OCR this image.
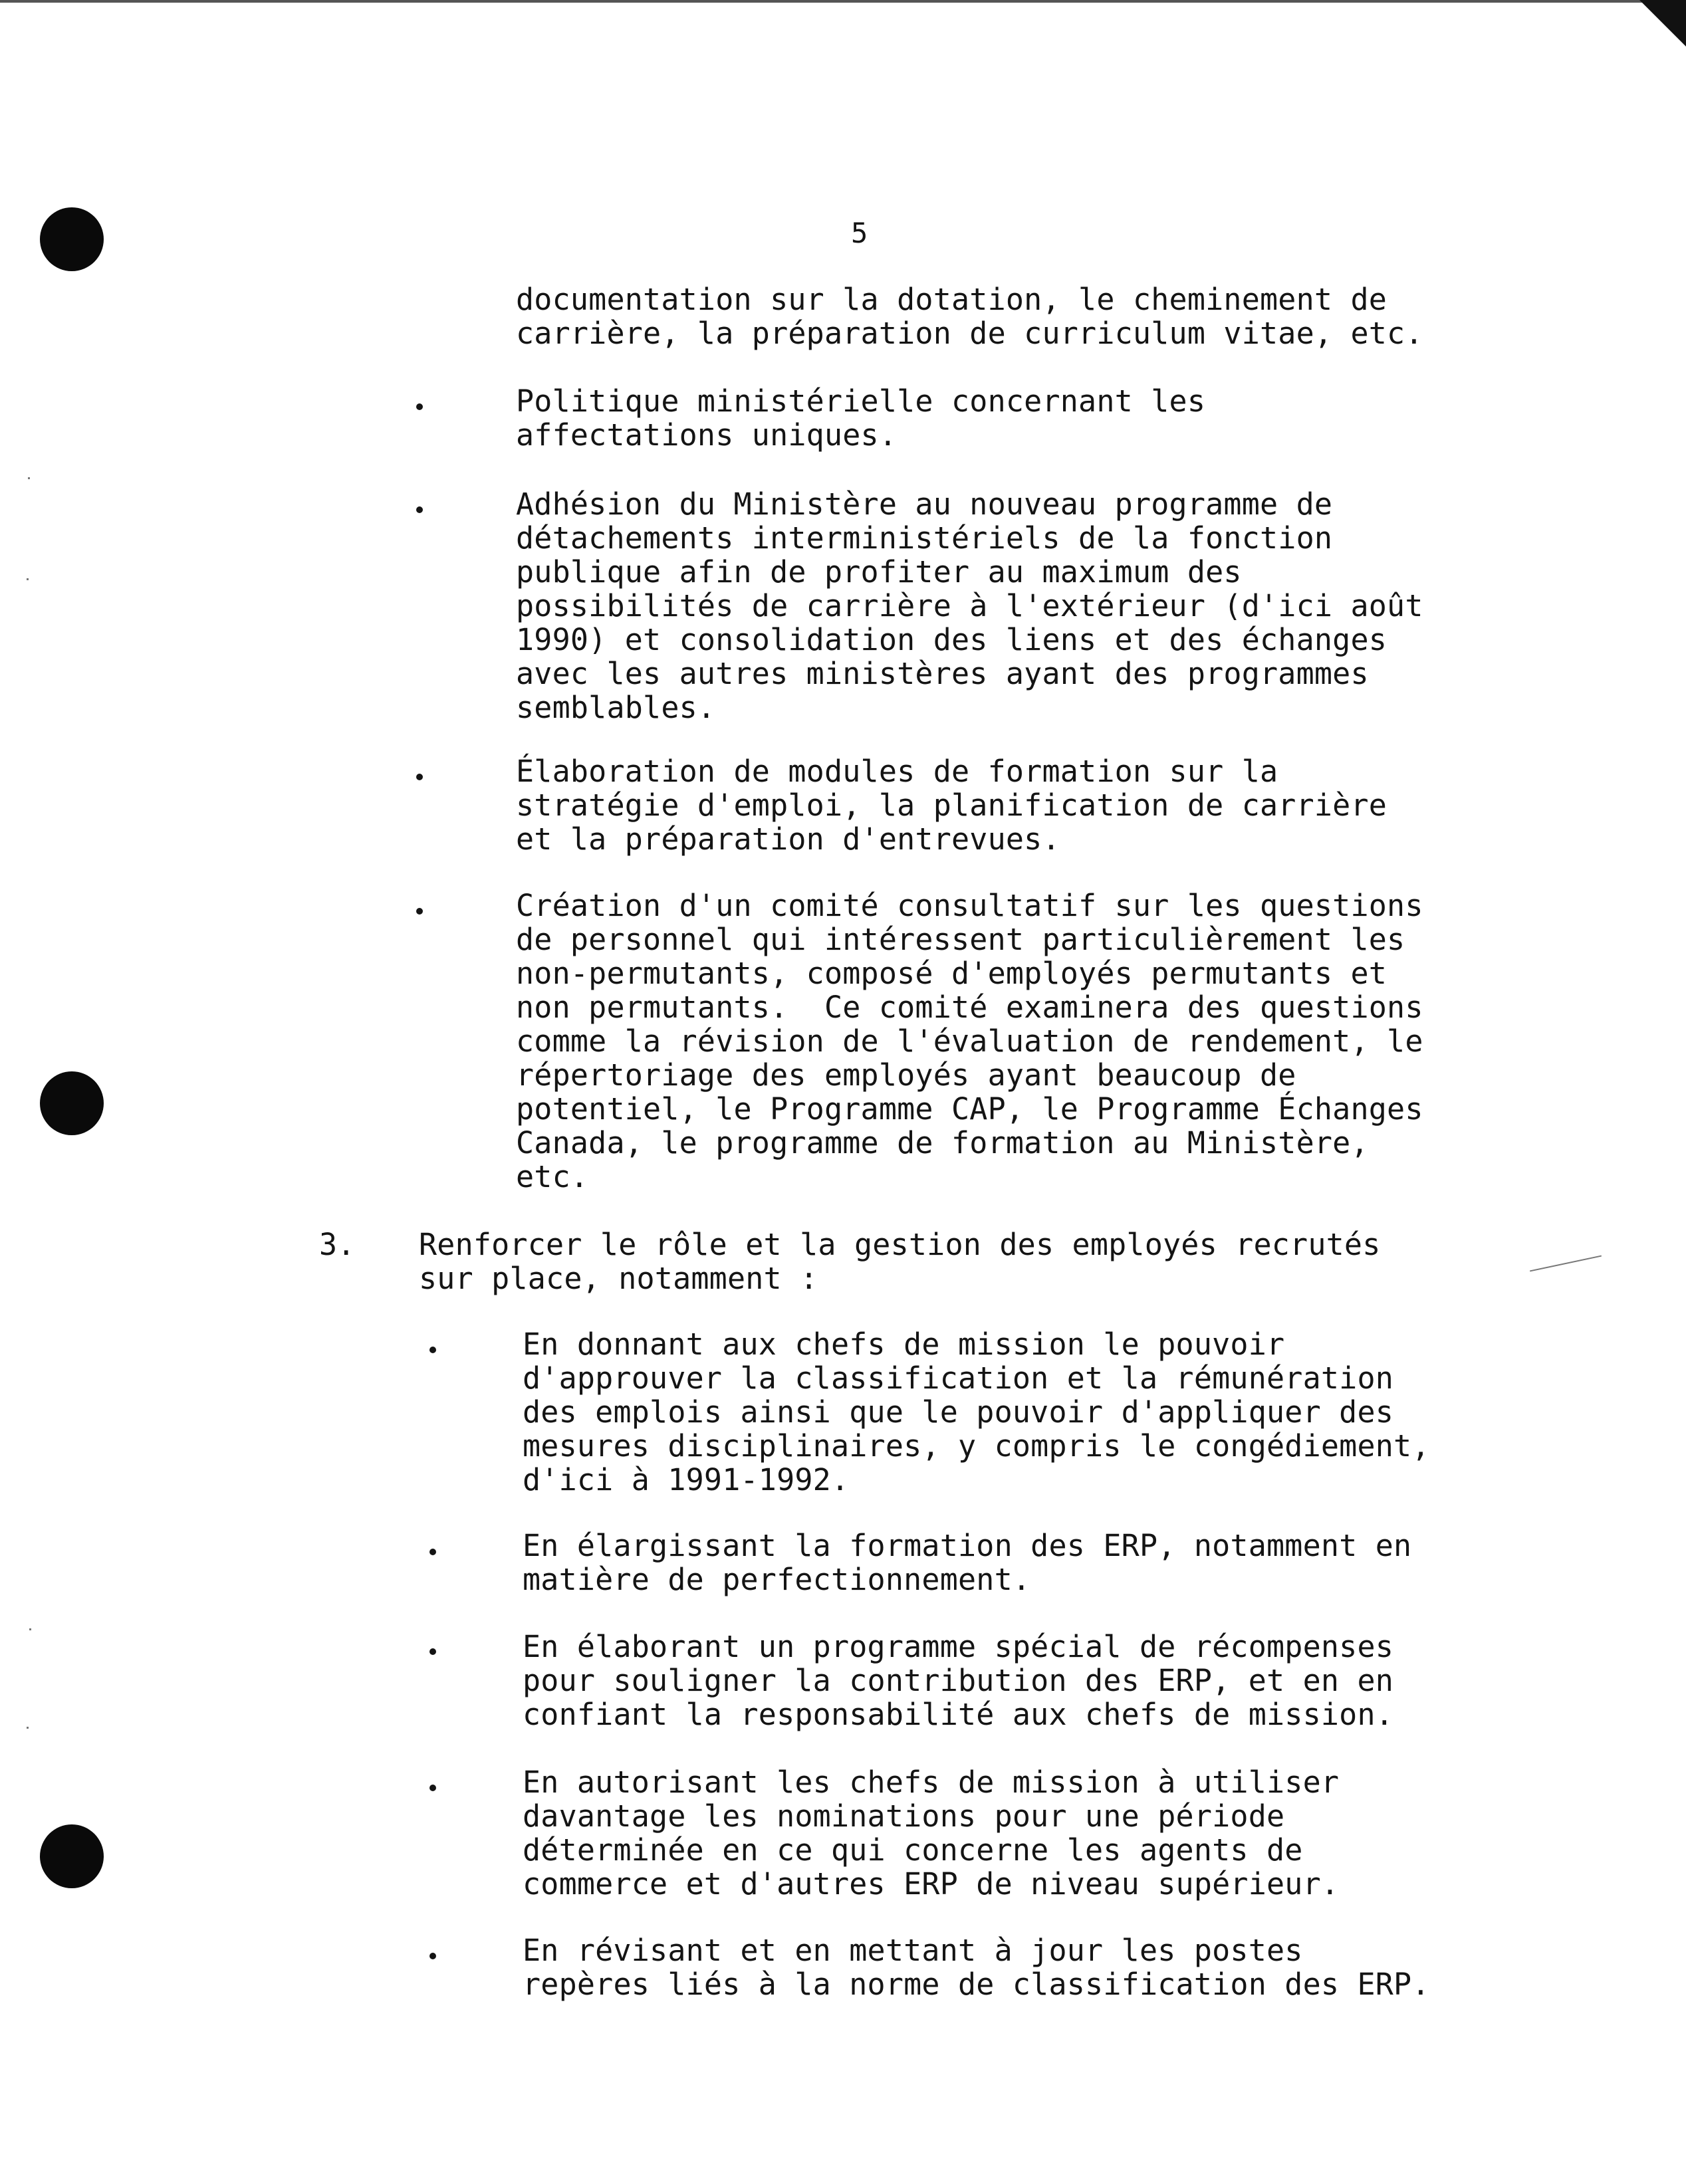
5
documentation sur la dotation, le cheminement de
carrière, la préparation de curriculum vitae, etc.
Politique ministérielle concernant les
affectations uniques.
Adhésion du Ministère au nouveau programme de
détachements interministériels de la fonction
publique afin de profiter au maximum des
possibilités de carrière à l'extérieur (d'ici août
1990) et consolidation des liens et des échanges
avec les autres ministères ayant des programmes
semblables.
Élaboration de modules de formation sur la
stratégie d'emploi, la planification de carrière
et la préparation d'entrevues.
Création d'un comité consultatif sur les questions
de personnel qui intéressent particulièrement les
non-permutants, composé d'employés permutants et
non permutants.  Ce comité examinera des questions
comme la révision de l'évaluation de rendement, le
répertoriage des employés ayant beaucoup de
potentiel, le Programme CAP, le Programme Échanges
Canada, le programme de formation au Ministère,
etc.
3. Renforcer le rôle et la gestion des employés recrutés
sur place, notamment :
En donnant aux chefs de mission le pouvoir
d'approuver la classification et la rémunération
des emplois ainsi que le pouvoir d'appliquer des
mesures disciplinaires, y compris le congédiement,
d'ici à 1991-1992.
En élargissant la formation des ERP, notamment en
matière de perfectionnement.
En élaborant un programme spécial de récompenses
pour souligner la contribution des ERP, et en en
confiant la responsabilité aux chefs de mission.
En autorisant les chefs de mission à utiliser
davantage les nominations pour une période
déterminée en ce qui concerne les agents de
commerce et d'autres ERP de niveau supérieur.
En révisant et en mettant à jour les postes
repères liés à la norme de classification des ERP.
